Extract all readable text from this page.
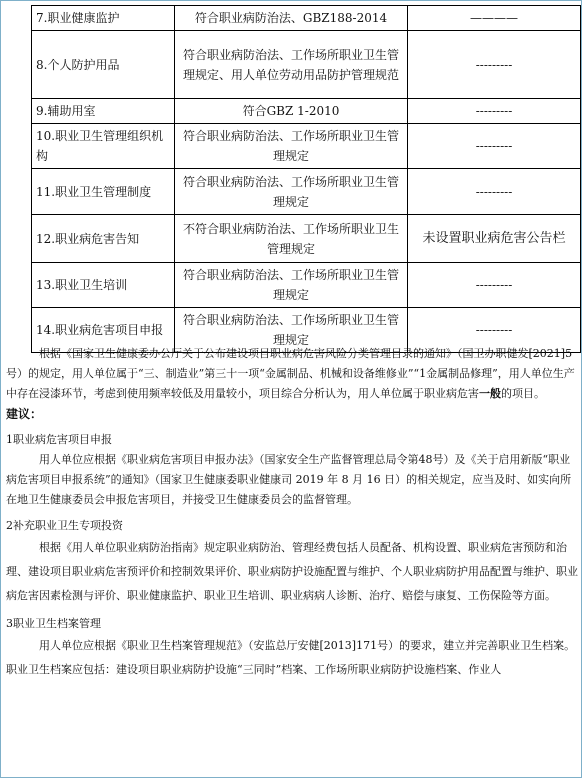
7.职业健康监护	符合职业病防治法、GBZ188-2014	————
8.个人防护用品	符合职业病防治法、工作场所职业卫生管理规定、用人单位劳动用品防护管理规范	---------
9.辅助用室	符合GBZ 1-2010	---------
10.职业卫生管理组织机构	符合职业病防治法、工作场所职业卫生管理规定	---------
11.职业卫生管理制度	符合职业病防治法、工作场所职业卫生管理规定	---------
12.职业病危害告知	不符合职业病防治法、工作场所职业卫生管理规定	未设置职业病危害公告栏
13.职业卫生培训	符合职业病防治法、工作场所职业卫生管理规定	---------
14.职业病危害项目申报	符合职业病防治法、工作场所职业卫生管理规定	---------

根据《国家卫生健康委办公厅关于公布建设项目职业病危害风险分类管理目录的通知》（国卫办职健发[2021]5号）的规定，用人单位属于“三、制造业”第三十一项“金属制品、机械和设备维修业”“1金属制品修理”，用人单位生产中存在浸漆环节，考虑到使用频率较低及用量较小，项目综合分析认为，用人单位属于职业病危害一般的项目。

建议：

1职业病危害项目申报

用人单位应根据《职业病危害项目申报办法》（国家安全生产监督管理总局令第48号）及《关于启用新版“职业病危害项目申报系统”的通知》（国家卫生健康委职业健康司 2019 年 8 月 16 日）的相关规定，应当及时、如实向所在地卫生健康委员会申报危害项目，并接受卫生健康委员会的监督管理。

2补充职业卫生专项投资

根据《用人单位职业病防治指南》规定职业病防治、管理经费包括人员配备、机构设置、职业病危害预防和治理、建设项目职业病危害预评价和控制效果评价、职业病防护设施配置与维护、个人职业病防护用品配置与维护、职业病危害因素检测与评价、职业健康监护、职业卫生培训、职业病病人诊断、治疗、赔偿与康复、工伤保险等方面。

3职业卫生档案管理

用人单位应根据《职业卫生档案管理规范》（安监总厅安健[2013]171号）的要求，建立并完善职业卫生档案。职业卫生档案应包括：建设项目职业病防护设施“三同时”档案、工作场所职业病防护设施档案、作业人
